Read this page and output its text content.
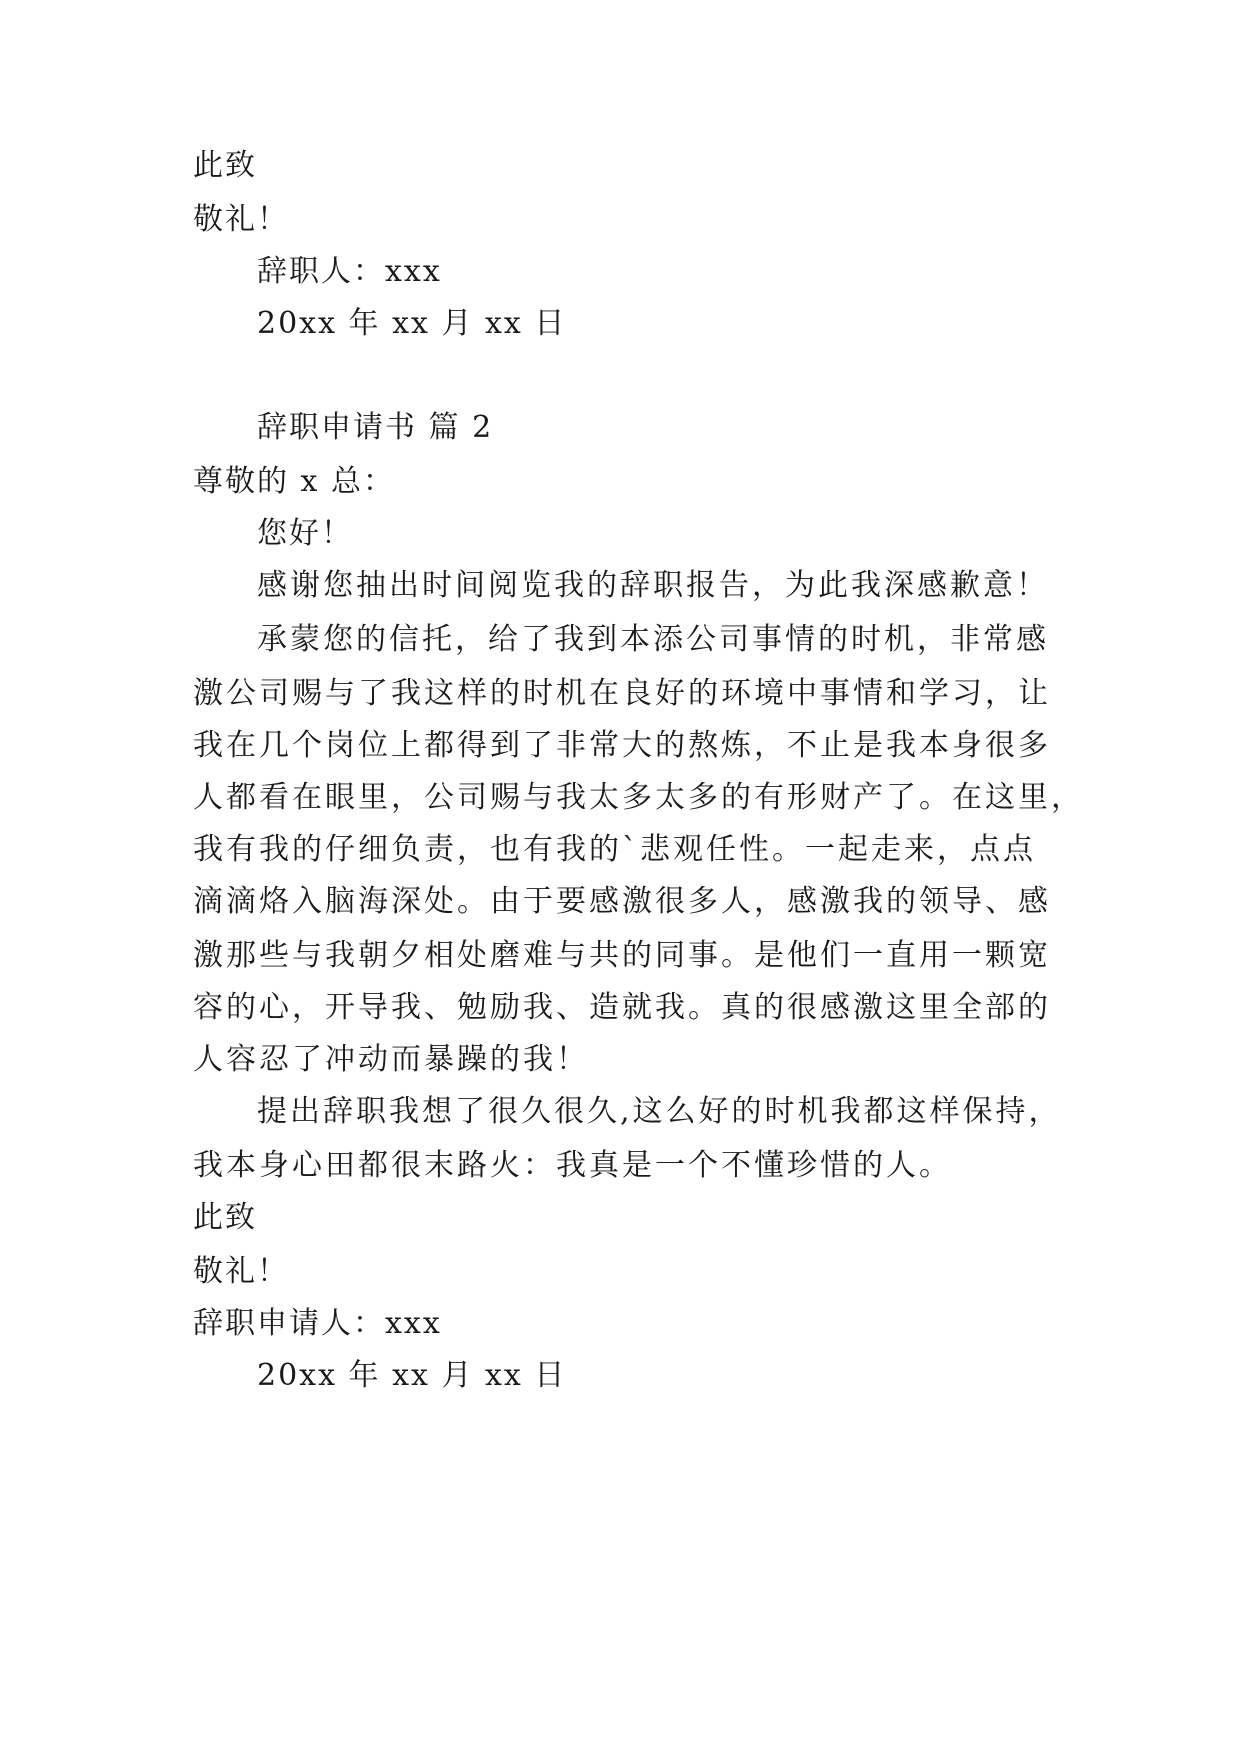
此致
敬礼！
辞职人：xxx
20xx 年 xx 月 xx 日
辞职申请书 篇 2
尊敬的 x 总：
您好！
感谢您抽出时间阅览我的辞职报告，为此我深感歉意！
承蒙您的信托，给了我到本添公司事情的时机，非常感
激公司赐与了我这样的时机在良好的环境中事情和学习，让
我在几个岗位上都得到了非常大的熬炼，不止是我本身很多
人都看在眼里，公司赐与我太多太多的有形财产了。在这里，
我有我的仔细负责，也有我的`悲观任性。一起走来，点点
滴滴烙入脑海深处。由于要感激很多人，感激我的领导、感
激那些与我朝夕相处磨难与共的同事。是他们一直用一颗宽
容的心，开导我、勉励我、造就我。真的很感激这里全部的
人容忍了冲动而暴躁的我！
提出辞职我想了很久很久,这么好的时机我都这样保持，
我本身心田都很末路火：我真是一个不懂珍惜的人。
此致
敬礼！
辞职申请人：xxx
20xx 年 xx 月 xx 日
